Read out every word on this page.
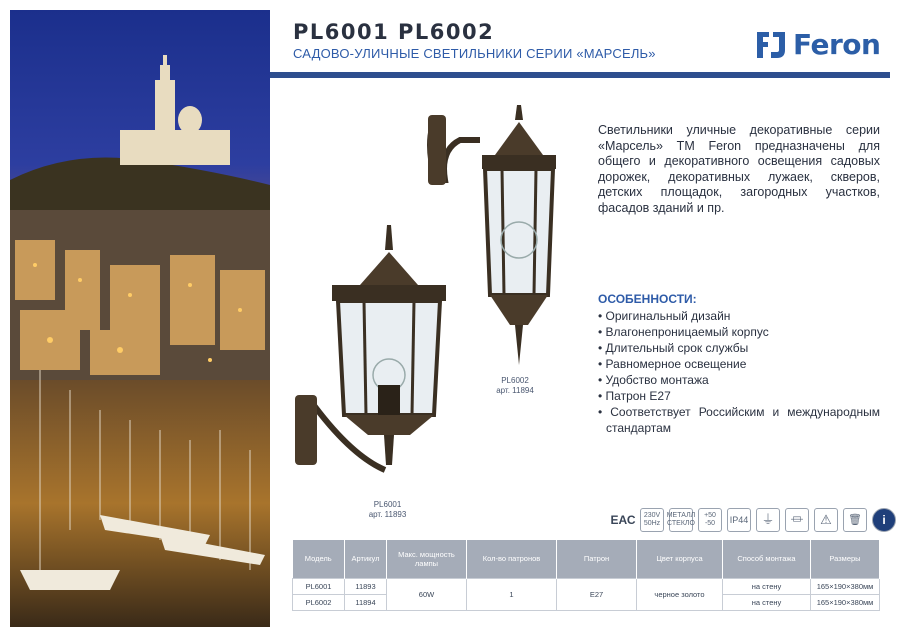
PL6001 PL6002
САДОВО-УЛИЧНЫЕ СВЕТИЛЬНИКИ СЕРИИ «МАРСЕЛЬ»	Feron
PL6002
арт. 11894
PL6001
арт. 11893

Светильники уличные декоративные серии «Марсель» ТМ Feron предназначены для общего и декоративного освещения садовых дорожек, декоративных лужаек, скверов, детских площадок, загородных участков, фасадов зданий и пр.

ОСОБЕННОСТИ:
• Оригинальный дизайн
• Влагонепроницаемый корпус
• Длительный срок службы
• Равномерное освещение
• Удобство монтажа
• Патрон E27
• Соответствует Российским и международным стандартам
ЕАС	230V 50Hz
МЕТАЛЛ СТЕКЛО
+50 -50	IP44	⏚	⏛	⚠	🗑	i
Модель	Артикул	Макс. мощность лампы	Кол-во патронов	Патрон	Цвет корпуса	Способ монтажа	Размеры
PL6001	11893	60W	1	E27	черное золото	на стену	165×190×380мм
PL6002	11894					на стену	165×190×380мм
